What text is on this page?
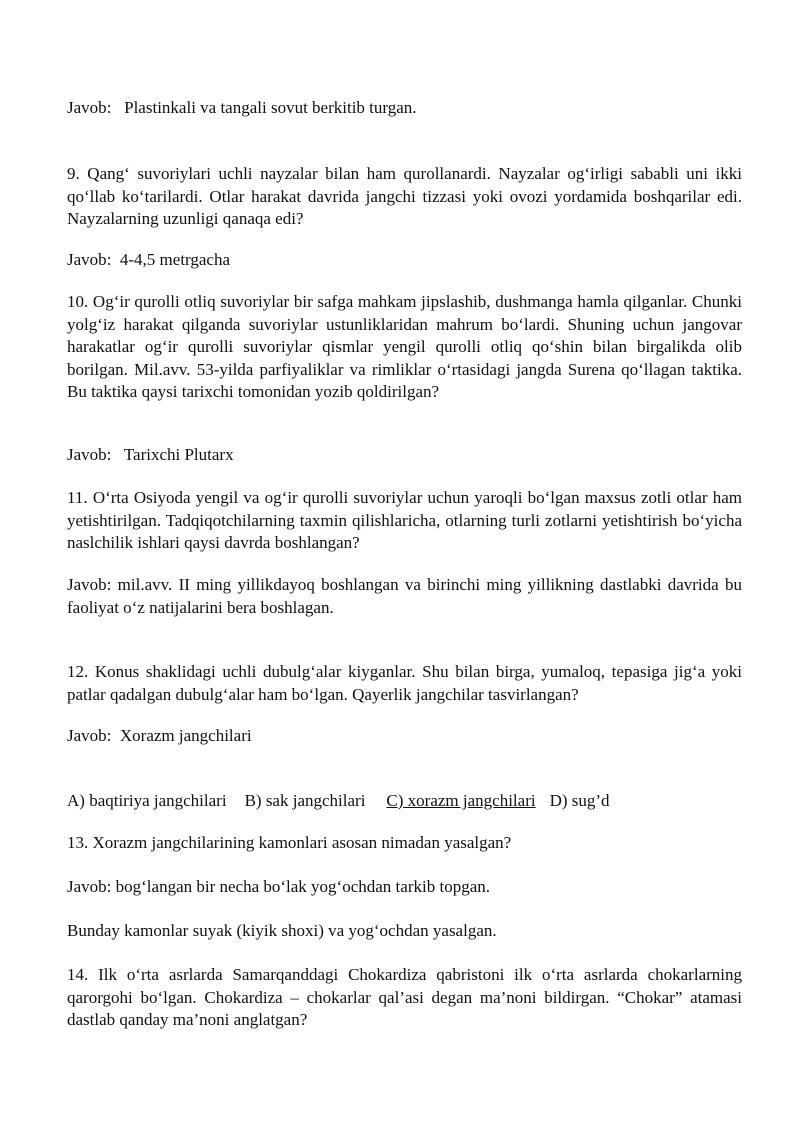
Javob:   Plastinkali va tangali sovut berkitib turgan.

9. Qang‘ suvoriylari uchli nayzalar bilan ham qurollanardi. Nayzalar og‘irligi sababli uni ikki qo‘llab ko‘tarilardi. Otlar harakat davrida jangchi tizzasi yoki ovozi yordamida boshqarilar edi. Nayzalarning uzunligi qanaqa edi?

Javob:  4-4,5 metrgacha

10. Og‘ir qurolli otliq suvoriylar bir safga mahkam jipslashib, dushmanga hamla qilganlar. Chunki yolg‘iz harakat qilganda suvoriylar ustunliklaridan mahrum bo‘lardi. Shuning uchun jangovar harakatlar og‘ir qurolli suvoriylar qismlar yengil qurolli otliq qo‘shin bilan birgalikda olib borilgan. Mil.avv. 53-yilda parfiyaliklar va rimliklar o‘rtasidagi jangda Surena qo‘llagan taktika. Bu taktika qaysi tarixchi tomonidan yozib qoldirilgan?

Javob:   Tarixchi Plutarx

11. O‘rta Osiyoda yengil va og‘ir qurolli suvoriylar uchun yaroqli bo‘lgan maxsus zotli otlar ham yetishtirilgan. Tadqiqotchilarning taxmin qilishlaricha, otlarning turli zotlarni yetishtirish bo‘yicha naslchilik ishlari qaysi davrda boshlangan?

Javob: mil.avv. II ming yillikdayoq boshlangan va birinchi ming yillikning dastlabki davrida bu faoliyat o‘z natijalarini bera boshlagan.

12. Konus shaklidagi uchli dubulg‘alar kiyganlar. Shu bilan birga, yumaloq, tepasiga jig‘a yoki patlar qadalgan dubulg‘alar ham bo‘lgan. Qayerlik jangchilar tasvirlangan?

Javob:  Xorazm jangchilari

A) baqtiriya jangchilari B) sak jangchilari C) xorazm jangchilari D) sug’d

13. Xorazm jangchilarining kamonlari asosan nimadan yasalgan?

Javob: bog‘langan bir necha bo‘lak yog‘ochdan tarkib topgan.

Bunday kamonlar suyak (kiyik shoxi) va yog‘ochdan yasalgan.

14. Ilk o‘rta asrlarda Samarqanddagi Chokardiza qabristoni ilk o‘rta asrlarda chokarlarning qarorgohi bo‘lgan. Chokardiza – chokarlar qal’asi degan ma’noni bildirgan. “Chokar” atamasi dastlab qanday ma’noni anglatgan?
